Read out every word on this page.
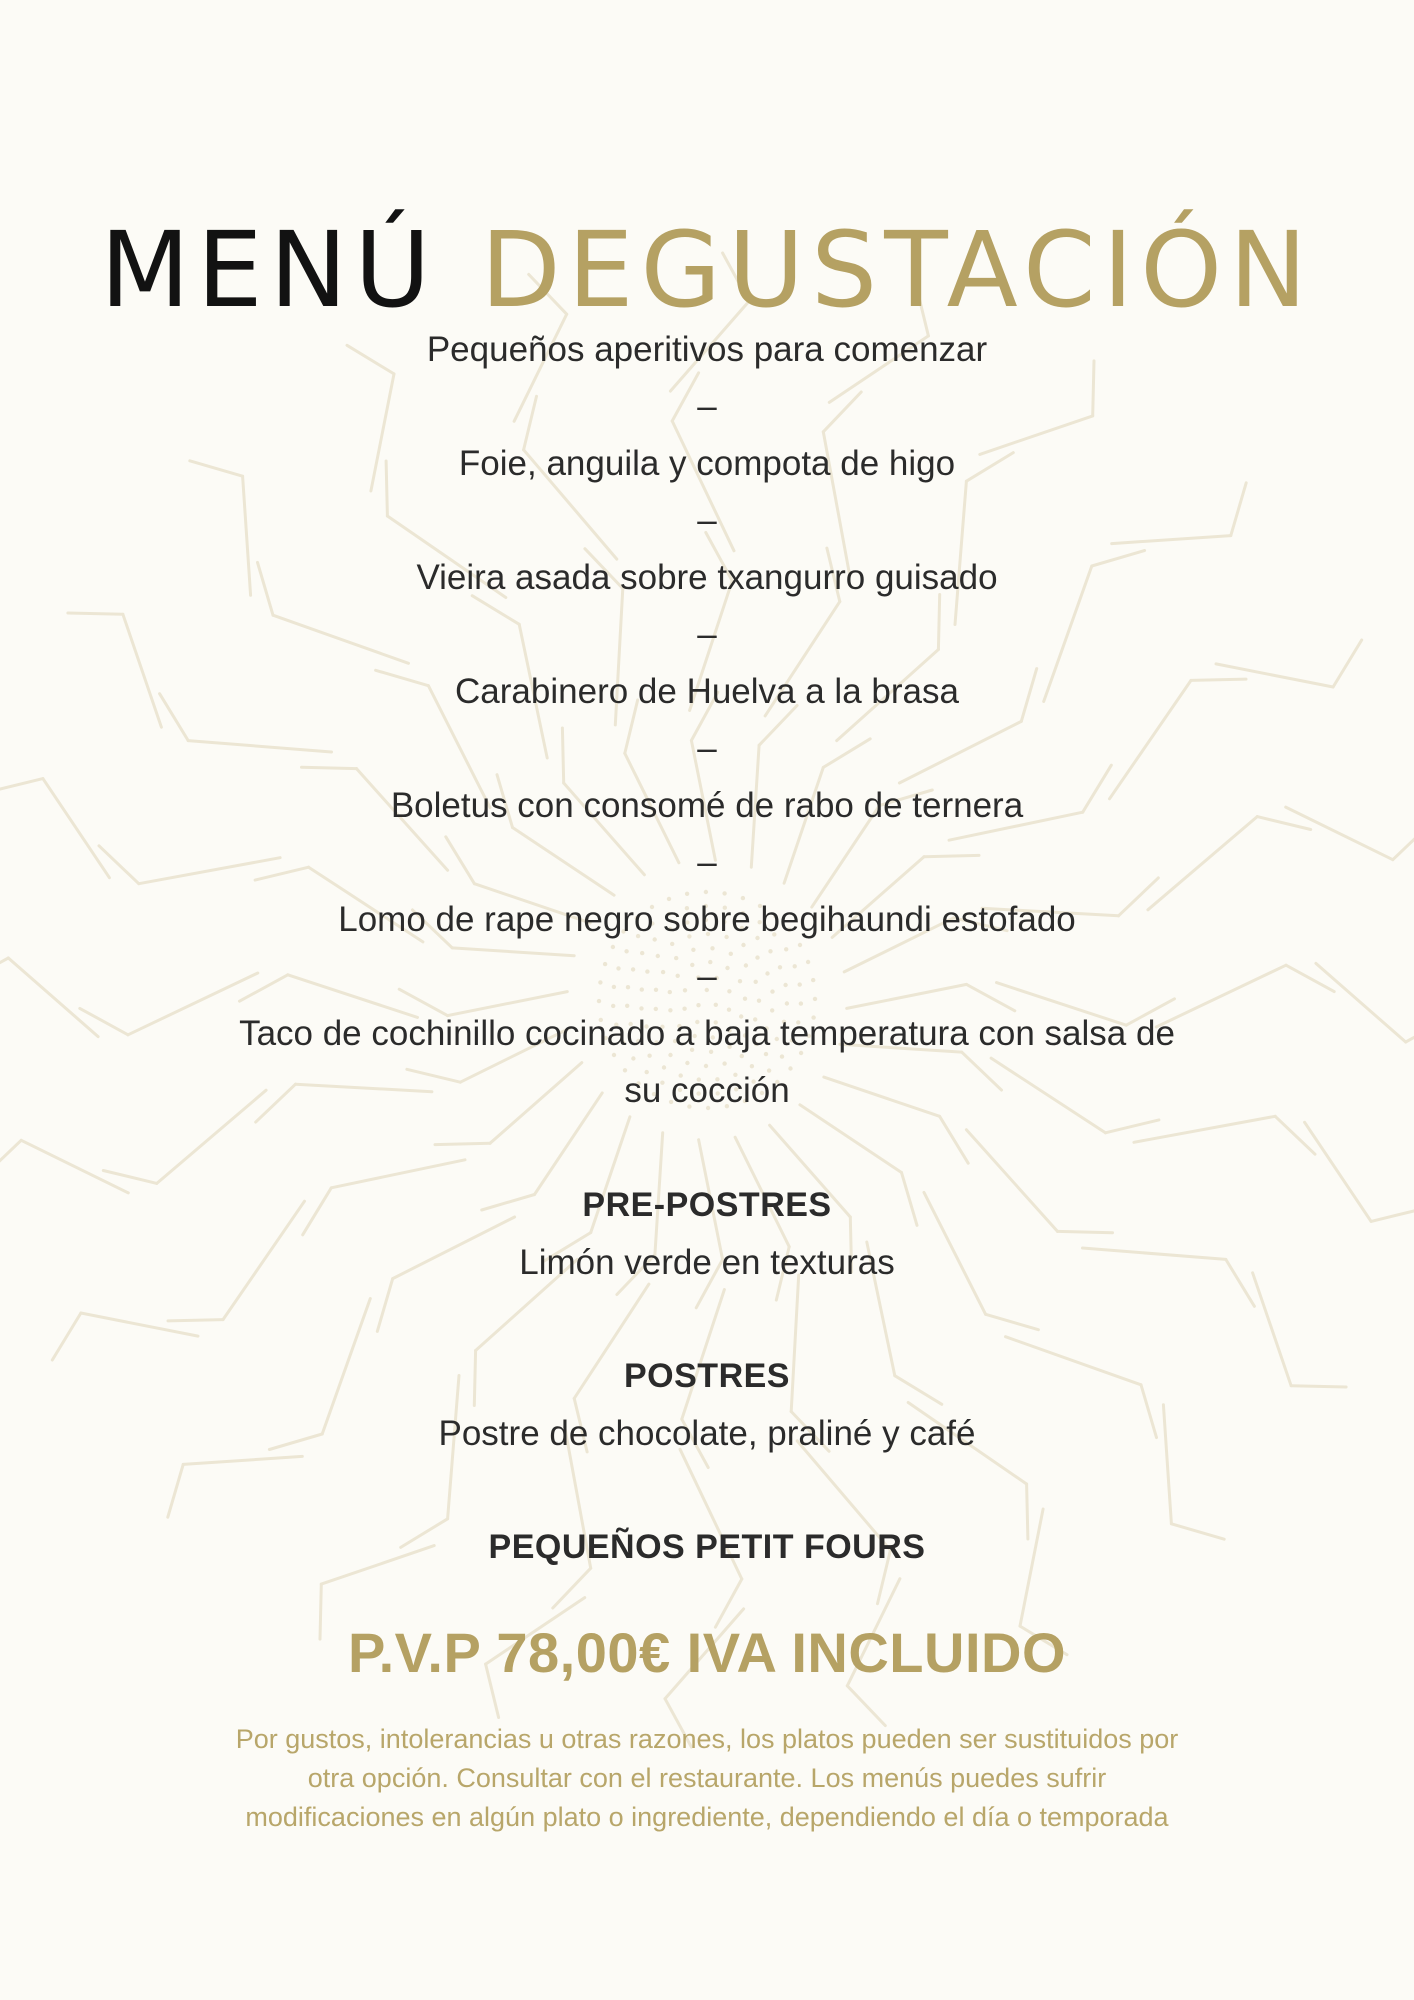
MENÚ DEGUSTACIÓN
Pequeños aperitivos para comenzar
–
Foie, anguila y compota de higo
–
Vieira asada sobre txangurro guisado
–
Carabinero de Huelva a la brasa
–
Boletus con consomé de rabo de ternera
–
Lomo de rape negro sobre begihaundi estofado
–
Taco de cochinillo cocinado a baja temperatura con salsa de
su cocción
PRE-POSTRES
Limón verde en texturas
POSTRES
Postre de chocolate, praliné y café
PEQUEÑOS PETIT FOURS
P.V.P 78,00€ IVA INCLUIDO
Por gustos, intolerancias u otras razones, los platos pueden ser sustituidos por
otra opción. Consultar con el restaurante. Los menús puedes sufrir
modificaciones en algún plato o ingrediente, dependiendo el día o temporada
